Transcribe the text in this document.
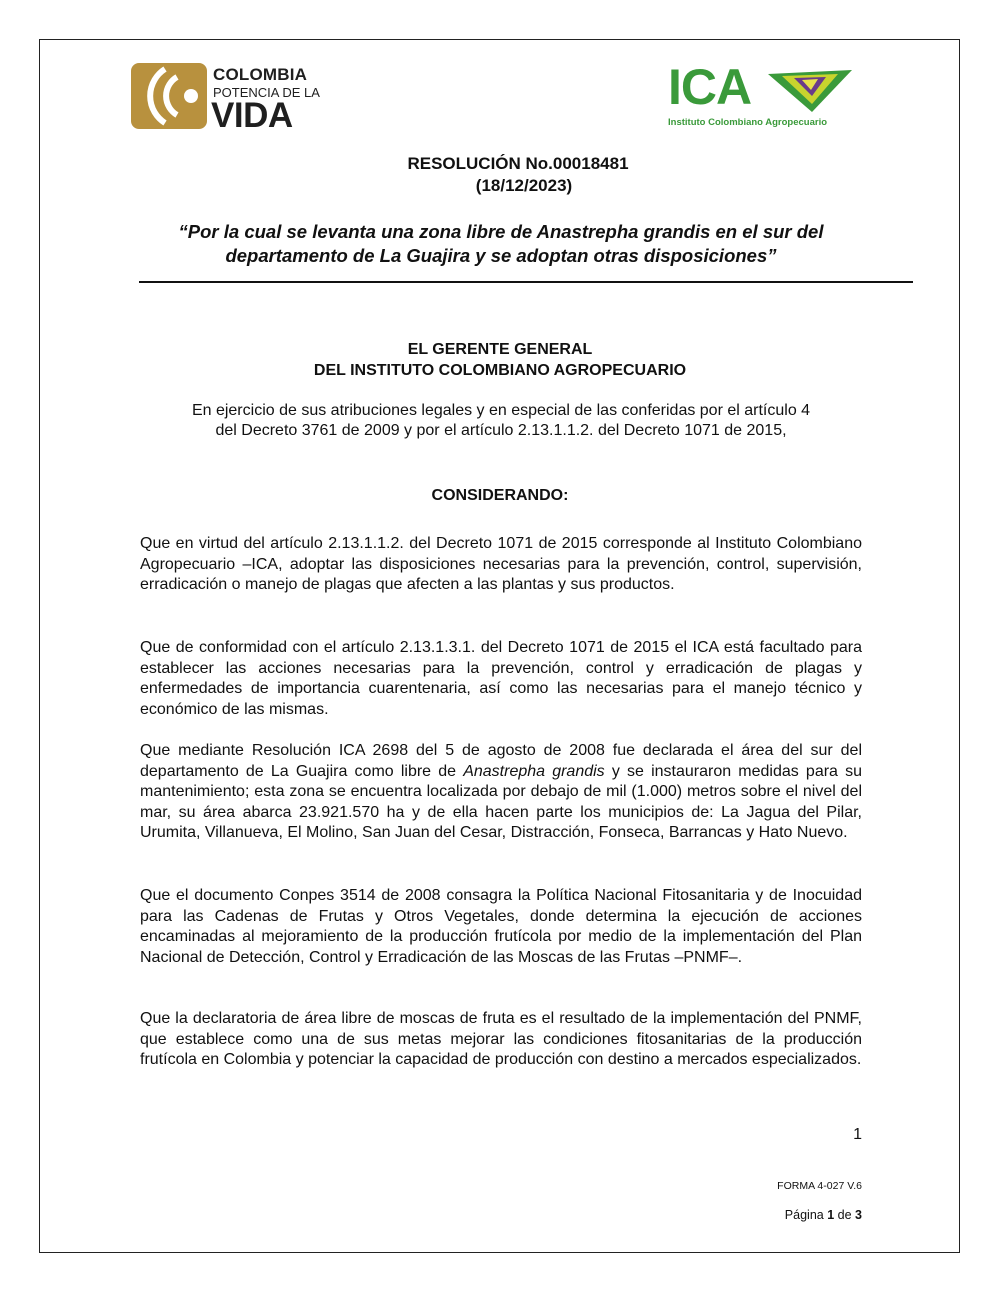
COLOMBIA
POTENCIA DE LA
VIDA
ICA
Instituto Colombiano Agropecuario
RESOLUCIÓN No.00018481
(18/12/2023)
“Por la cual se levanta una zona libre de Anastrepha grandis en el sur del
departamento de La Guajira y se adoptan otras disposiciones”
EL GERENTE GENERAL
DEL INSTITUTO COLOMBIANO AGROPECUARIO
En ejercicio de sus atribuciones legales y en especial de las conferidas por el artículo 4
del Decreto 3761 de 2009 y por el artículo 2.13.1.1.2. del Decreto 1071 de 2015,
CONSIDERANDO:

Que en virtud del artículo 2.13.1.1.2. del Decreto 1071 de 2015 corresponde al Instituto Colombiano Agropecuario –ICA, adoptar las disposiciones necesarias para la prevención, control, supervisión, erradicación o manejo de plagas que afecten a las plantas y sus productos.

Que de conformidad con el artículo 2.13.1.3.1. del Decreto 1071 de 2015 el ICA está facultado para establecer las acciones necesarias para la prevención, control y erradicación de plagas y enfermedades de importancia cuarentenaria, así como las necesarias para el manejo técnico y económico de las mismas.

Que mediante Resolución ICA 2698 del 5 de agosto de 2008 fue declarada el área del sur del departamento de La Guajira como libre de Anastrepha grandis y se instauraron medidas para su mantenimiento; esta zona se encuentra localizada por debajo de mil (1.000) metros sobre el nivel del mar, su área abarca 23.921.570 ha y de ella hacen parte los municipios de: La Jagua del Pilar, Urumita, Villanueva, El Molino, San Juan del Cesar, Distracción, Fonseca, Barrancas y Hato Nuevo.

Que el documento Conpes 3514 de 2008 consagra la Política Nacional Fitosanitaria y de Inocuidad para las Cadenas de Frutas y Otros Vegetales, donde determina la ejecución de acciones encaminadas al mejoramiento de la producción frutícola por medio de la implementación del Plan Nacional de Detección, Control y Erradicación de las Moscas de las Frutas –PNMF–.

Que la declaratoria de área libre de moscas de fruta es el resultado de la implementación del PNMF, que establece como una de sus metas mejorar las condiciones fitosanitarias de la producción frutícola en Colombia y potenciar la capacidad de producción con destino a mercados especializados.

1
FORMA 4-027 V.6
Página 1 de 3
